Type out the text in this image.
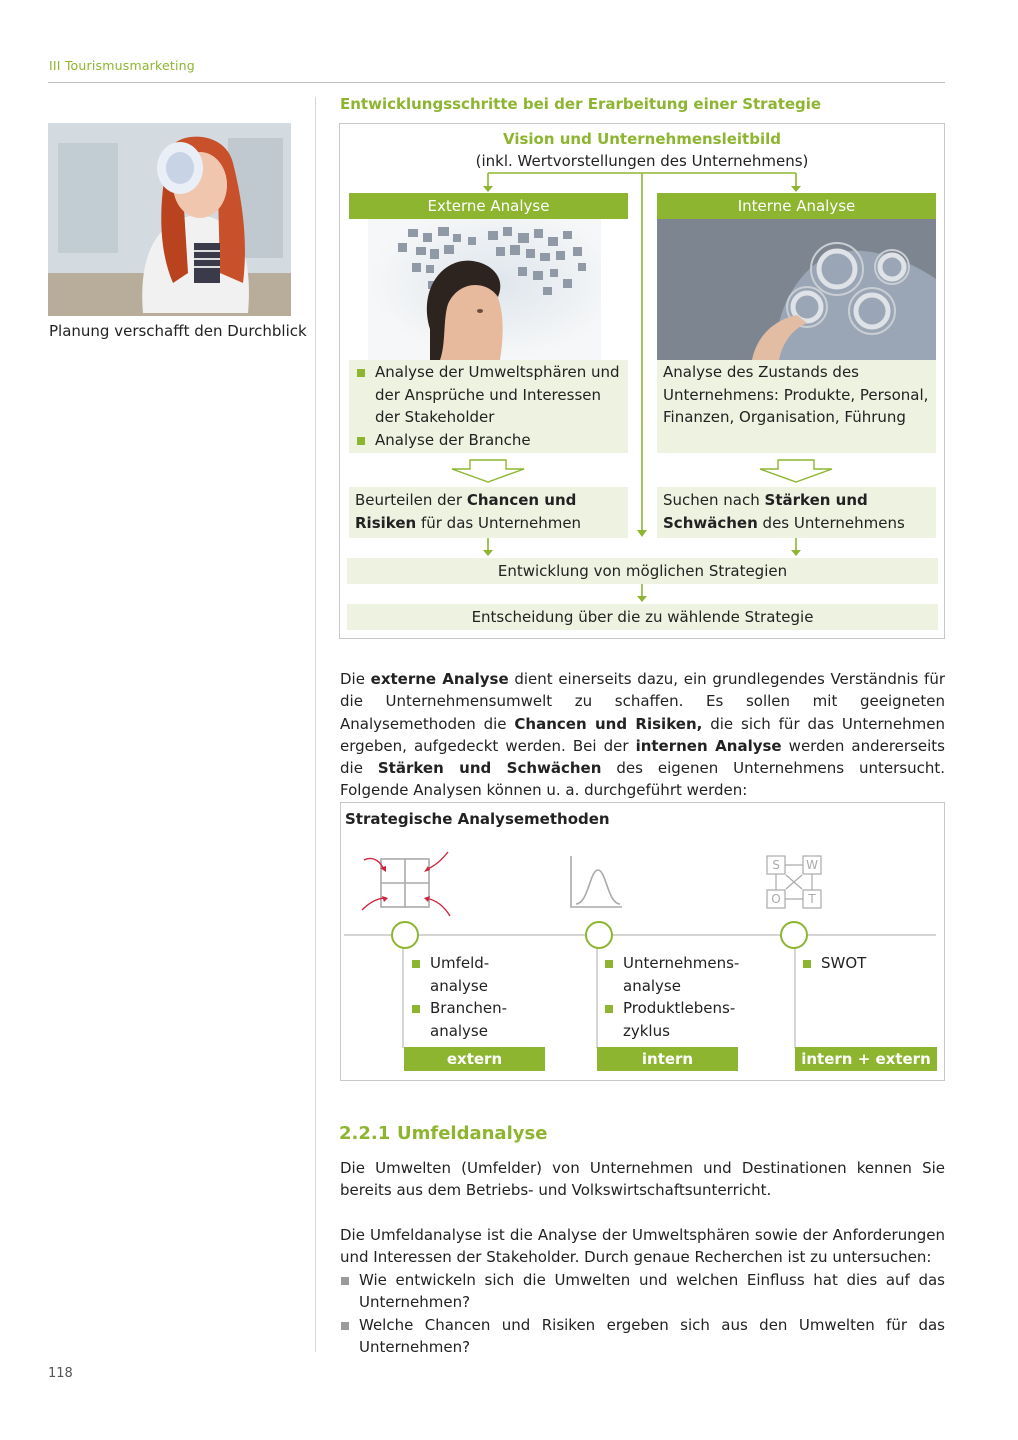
III Tourismusmarketing
Planung verschafft den Durchblick
Entwicklungsschritte bei der Erarbeitung einer Strategie
Vision und Unternehmensleitbild
(inkl. Wertvorstellungen des Unternehmens)
Externe Analyse	Interne Analyse
Analyse der Umweltsphären und der Ansprüche und Interessen der Stakeholder
Analyse der Branche
Analyse des Zustands des Unternehmens: Produkte, Personal, Finanzen, Organisation, Führung
Beurteilen der Chancen und Risiken für das Unternehmen
Suchen nach Stärken und Schwächen des Unternehmens
Entwicklung von möglichen Strategien
Entscheidung über die zu wählende Strategie
Die externe Analyse dient einerseits dazu, ein grundlegendes Verständnis für die Unternehmensumwelt zu schaffen. Es sollen mit geeigneten Analysemethoden die Chancen und Risiken, die sich für das Unternehmen ergeben, aufgedeckt werden. Bei der internen Analyse werden andererseits die Stärken und Schwächen des eigenen Unternehmens untersucht. Folgende Analysen können u. a. durchgeführt werden:
Strategische Analysemethoden
S	W
O	T
Umfeld-analyse
Branchen-analyse
extern
Unternehmens-analyse
Produktlebens-zyklus
intern
SWOT
intern + extern
2.2.1 Umfeldanalyse
Die Umwelten (Umfelder) von Unternehmen und Destinationen kennen Sie bereits aus dem Betriebs- und Volkswirtschaftsunterricht.
Die Umfeldanalyse ist die Analyse der Umweltsphären sowie der Anforderungen und Interessen der Stakeholder. Durch genaue Recherchen ist zu untersuchen:
Wie entwickeln sich die Umwelten und welchen Einfluss hat dies auf das Unternehmen?
Welche Chancen und Risiken ergeben sich aus den Umwelten für das Unternehmen?
118
